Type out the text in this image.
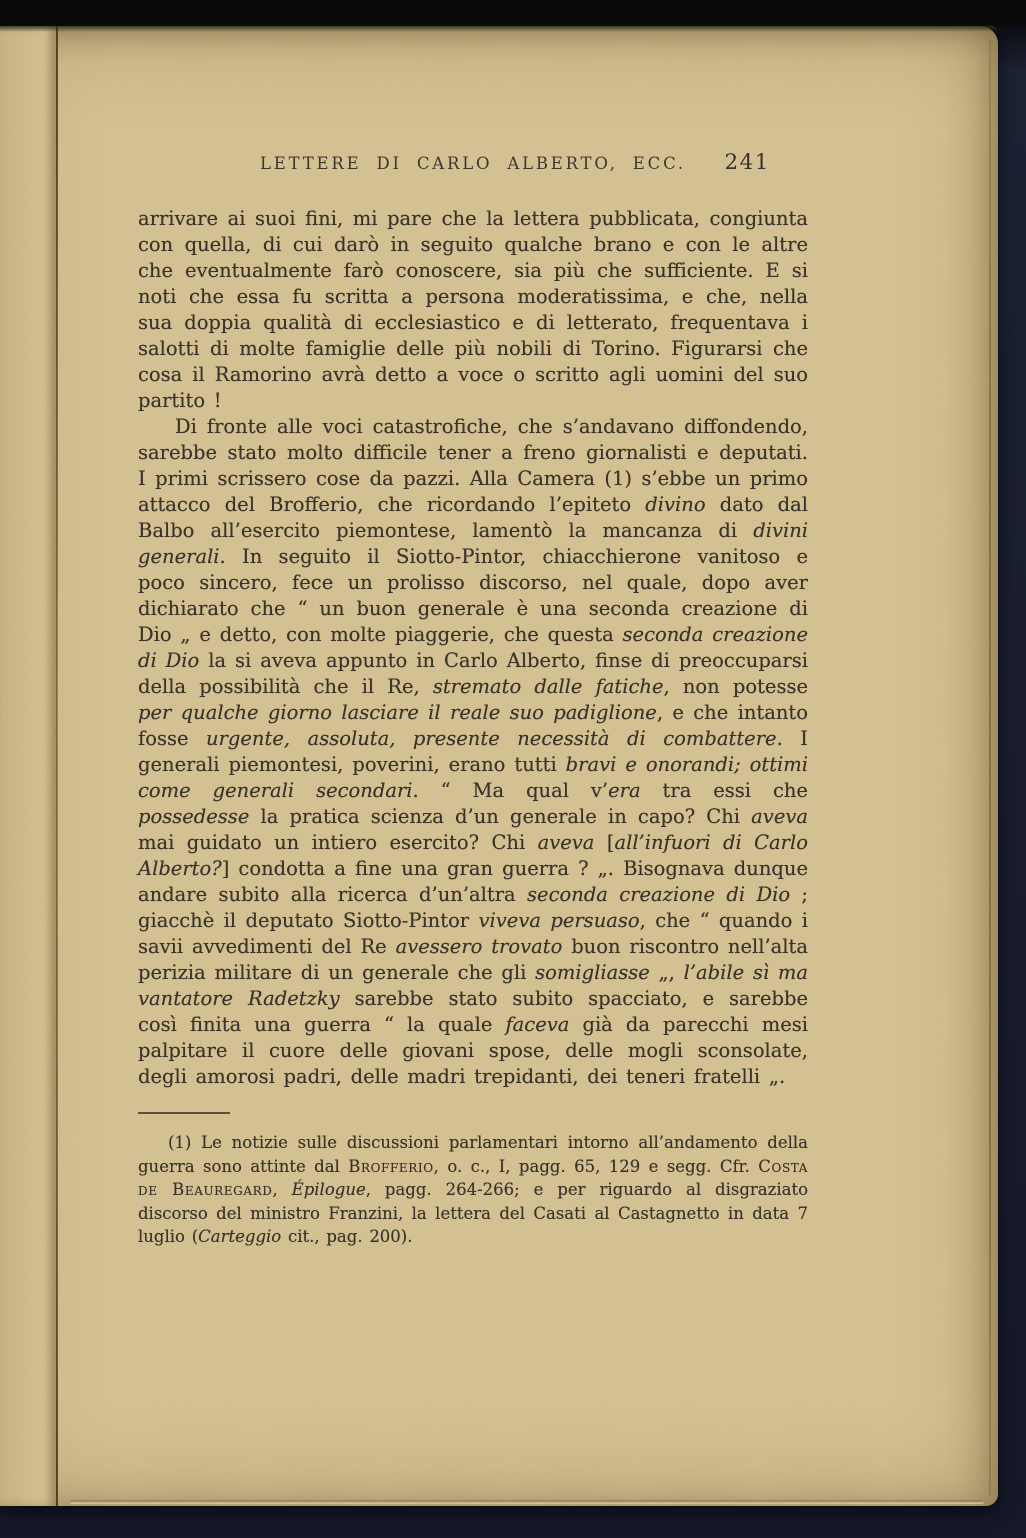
LETTERE DI CARLO ALBERTO, ECC.	241
arrivare ai suoi fini, mi pare che la lettera pubblicata, congiunta con quella, di cui darò in seguito qualche brano e con le altre che eventualmente farò conoscere, sia più che sufficiente. E si noti che essa fu scritta a persona moderatissima, e che, nella sua doppia qualità di ecclesiastico e di letterato, frequentava i salotti di molte famiglie delle più nobili di Torino. Figurarsi che cosa il Ramorino avrà detto a voce o scritto agli uomini del suo partito !
Di fronte alle voci catastrofiche, che s’andavano diffondendo, sarebbe stato molto difficile tener a freno giornalisti e deputati. I primi scrissero cose da pazzi. Alla Camera (1) s’ebbe un primo attacco del Brofferio, che ricordando l’epiteto divino dato dal Balbo all’esercito piemontese, lamentò la mancanza di divini generali. In seguito il Siotto-Pintor, chiacchierone vanitoso e poco sincero, fece un prolisso discorso, nel quale, dopo aver dichiarato che “ un buon generale è una seconda creazione di Dio „ e detto, con molte piaggerie, che questa seconda creazione di Dio la si aveva appunto in Carlo Alberto, finse di preoccuparsi della possibilità che il Re, stremato dalle fatiche, non potesse per qualche giorno lasciare il reale suo padiglione, e che intanto fosse urgente, assoluta, presente necessità di combattere. I generali piemontesi, poverini, erano tutti bravi e onorandi; ottimi come generali secondari. “ Ma qual v’era tra essi che possedesse la pratica scienza d’un generale in capo? Chi aveva mai guidato un intiero esercito? Chi aveva [all’infuori di Carlo Alberto?] condotta a fine una gran guerra ? „. Bisognava dunque andare subito alla ricerca d’un’altra seconda creazione di Dio ; giacchè il deputato Siotto-Pintor viveva persuaso, che “ quando i savii avvedimenti del Re avessero trovato buon riscontro nell’alta perizia militare di un generale che gli somigliasse „, l’abile sì ma vantatore Radetzky sarebbe stato subito spacciato, e sarebbe così finita una guerra “ la quale faceva già da parecchi mesi palpitare il cuore delle giovani spose, delle mogli sconsolate, degli amorosi padri, delle madri trepidanti, dei teneri fratelli „.
(1) Le notizie sulle discussioni parlamentari intorno all’andamento della guerra sono attinte dal Brofferio, o. c., I, pagg. 65, 129 e segg. Cfr. Costa de Beauregard, Épilogue, pagg. 264-266; e per riguardo al disgraziato discorso del ministro Franzini, la lettera del Casati al Castagnetto in data 7 luglio (Carteggio cit., pag. 200).
